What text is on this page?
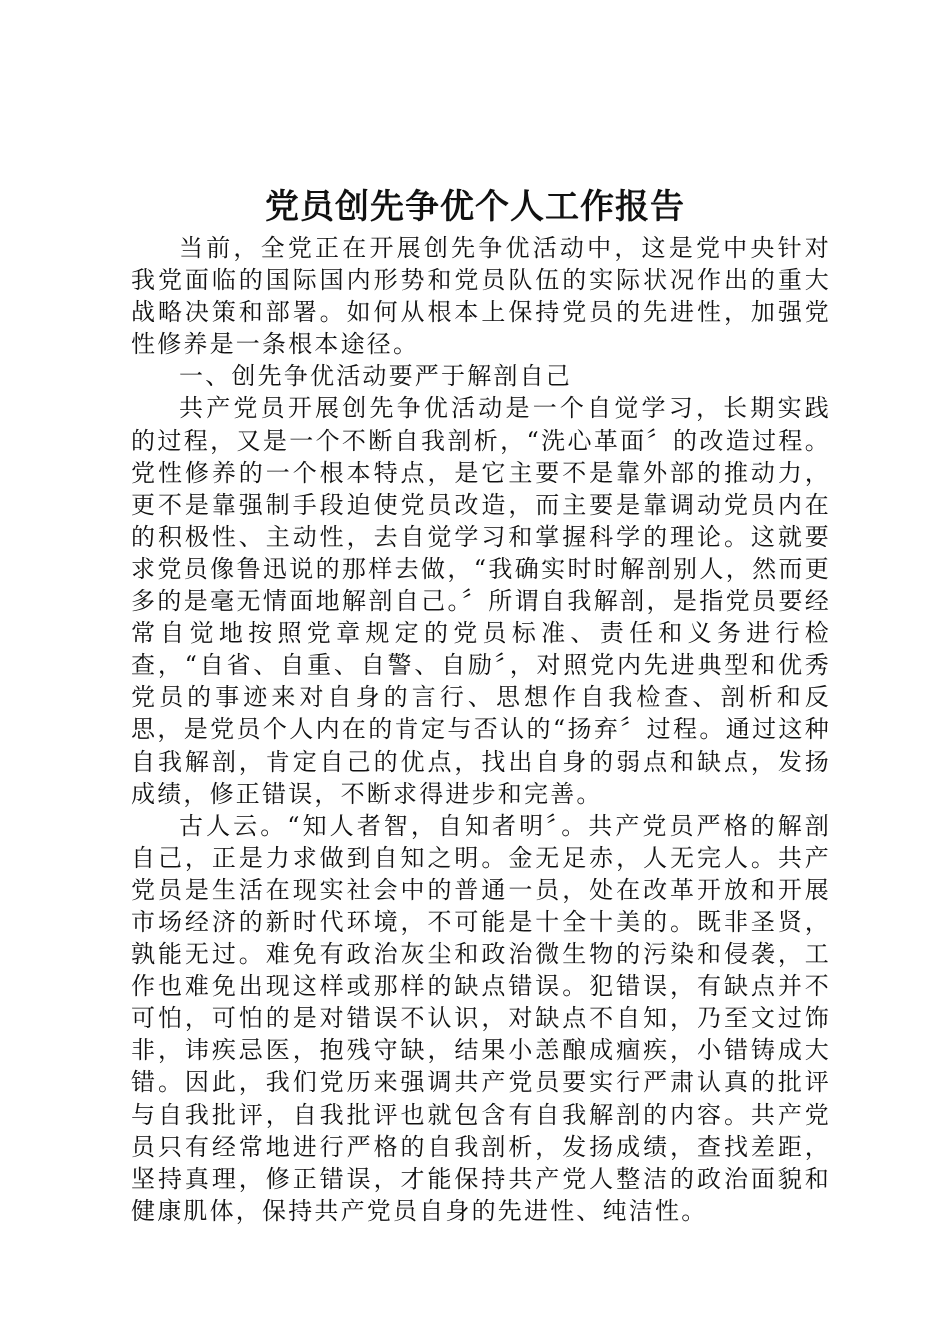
党员创先争优个人工作报告

当前，全党正在开展创先争优活动中，这是党中央针对我党面临的国际国内形势和党员队伍的实际状况作出的重大战略决策和部署。如何从根本上保持党员的先进性，加强党性修养是一条根本途径。

一、创先争优活动要严于解剖自己

共产党员开展创先争优活动是一个自觉学习，长期实践的过程，又是一个不断自我剖析，“洗心革面〞的改造过程。党性修养的一个根本特点，是它主要不是靠外部的推动力，更不是靠强制手段迫使党员改造，而主要是靠调动党员内在的积极性、主动性，去自觉学习和掌握科学的理论。这就要求党员像鲁迅说的那样去做，“我确实时时解剖别人，然而更多的是毫无情面地解剖自己。〞所谓自我解剖，是指党员要经常自觉地按照党章规定的党员标准、责任和义务进行检查，“自省、自重、自警、自励〞，对照党内先进典型和优秀党员的事迹来对自身的言行、思想作自我检查、剖析和反思，是党员个人内在的肯定与否认的“扬弃〞过程。通过这种自我解剖，肯定自己的优点，找出自身的弱点和缺点，发扬成绩，修正错误，不断求得进步和完善。

古人云。“知人者智，自知者明〞。共产党员严格的解剖自己，正是力求做到自知之明。金无足赤，人无完人。共产党员是生活在现实社会中的普通一员，处在改革开放和开展市场经济的新时代环境，不可能是十全十美的。既非圣贤，孰能无过。难免有政治灰尘和政治微生物的污染和侵袭，工作也难免出现这样或那样的缺点错误。犯错误，有缺点并不可怕，可怕的是对错误不认识，对缺点不自知，乃至文过饰非，讳疾忌医，抱残守缺，结果小恙酿成痼疾，小错铸成大错。因此，我们党历来强调共产党员要实行严肃认真的批评与自我批评，自我批评也就包含有自我解剖的内容。共产党员只有经常地进行严格的自我剖析，发扬成绩，查找差距，坚持真理，修正错误，才能保持共产党人整洁的政治面貌和健康肌体，保持共产党员自身的先进性、纯洁性。
